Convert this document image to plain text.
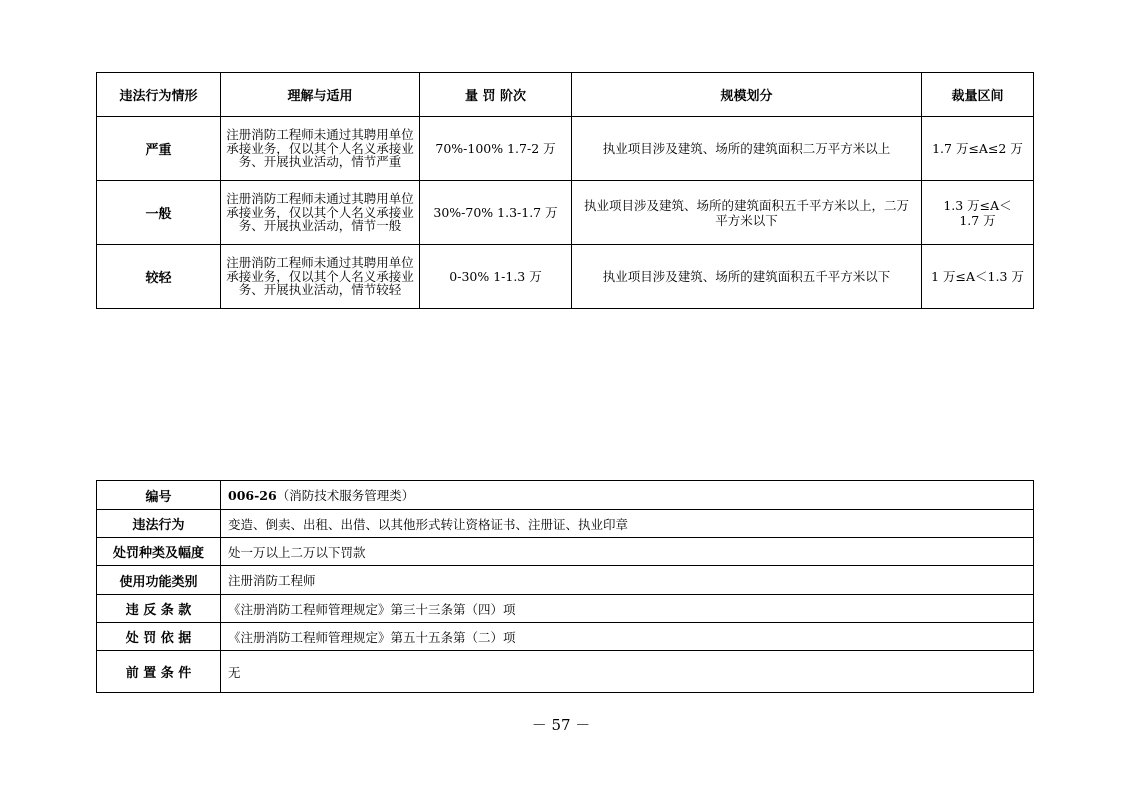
违法行为情形	理解与适用	量 罚 阶次	规模划分	裁量区间
严重	注册消防工程师未通过其聘用单位承接业务，仅以其个人名义承接业务、开展执业活动，情节严重	70%-100% 1.7-2 万	执业项目涉及建筑、场所的建筑面积二万平方米以上	1.7 万≤A≤2 万
一般	注册消防工程师未通过其聘用单位承接业务，仅以其个人名义承接业务、开展执业活动，情节一般	30%-70% 1.3-1.7 万	执业项目涉及建筑、场所的建筑面积五千平方米以上，二万平方米以下	1.3 万≤A＜1.7 万
较轻	注册消防工程师未通过其聘用单位承接业务，仅以其个人名义承接业务、开展执业活动，情节较轻	0-30% 1-1.3 万	执业项目涉及建筑、场所的建筑面积五千平方米以下	1 万≤A＜1.3 万
编号	006-26（消防技术服务管理类）
违法行为	变造、倒卖、出租、出借、以其他形式转让资格证书、注册证、执业印章
处罚种类及幅度	处一万以上二万以下罚款
使用功能类别	注册消防工程师
违 反 条 款	《注册消防工程师管理规定》第三十三条第（四）项
处 罚 依 据	《注册消防工程师管理规定》第五十五条第（二）项
前 置 条 件	无
－ 57 －
